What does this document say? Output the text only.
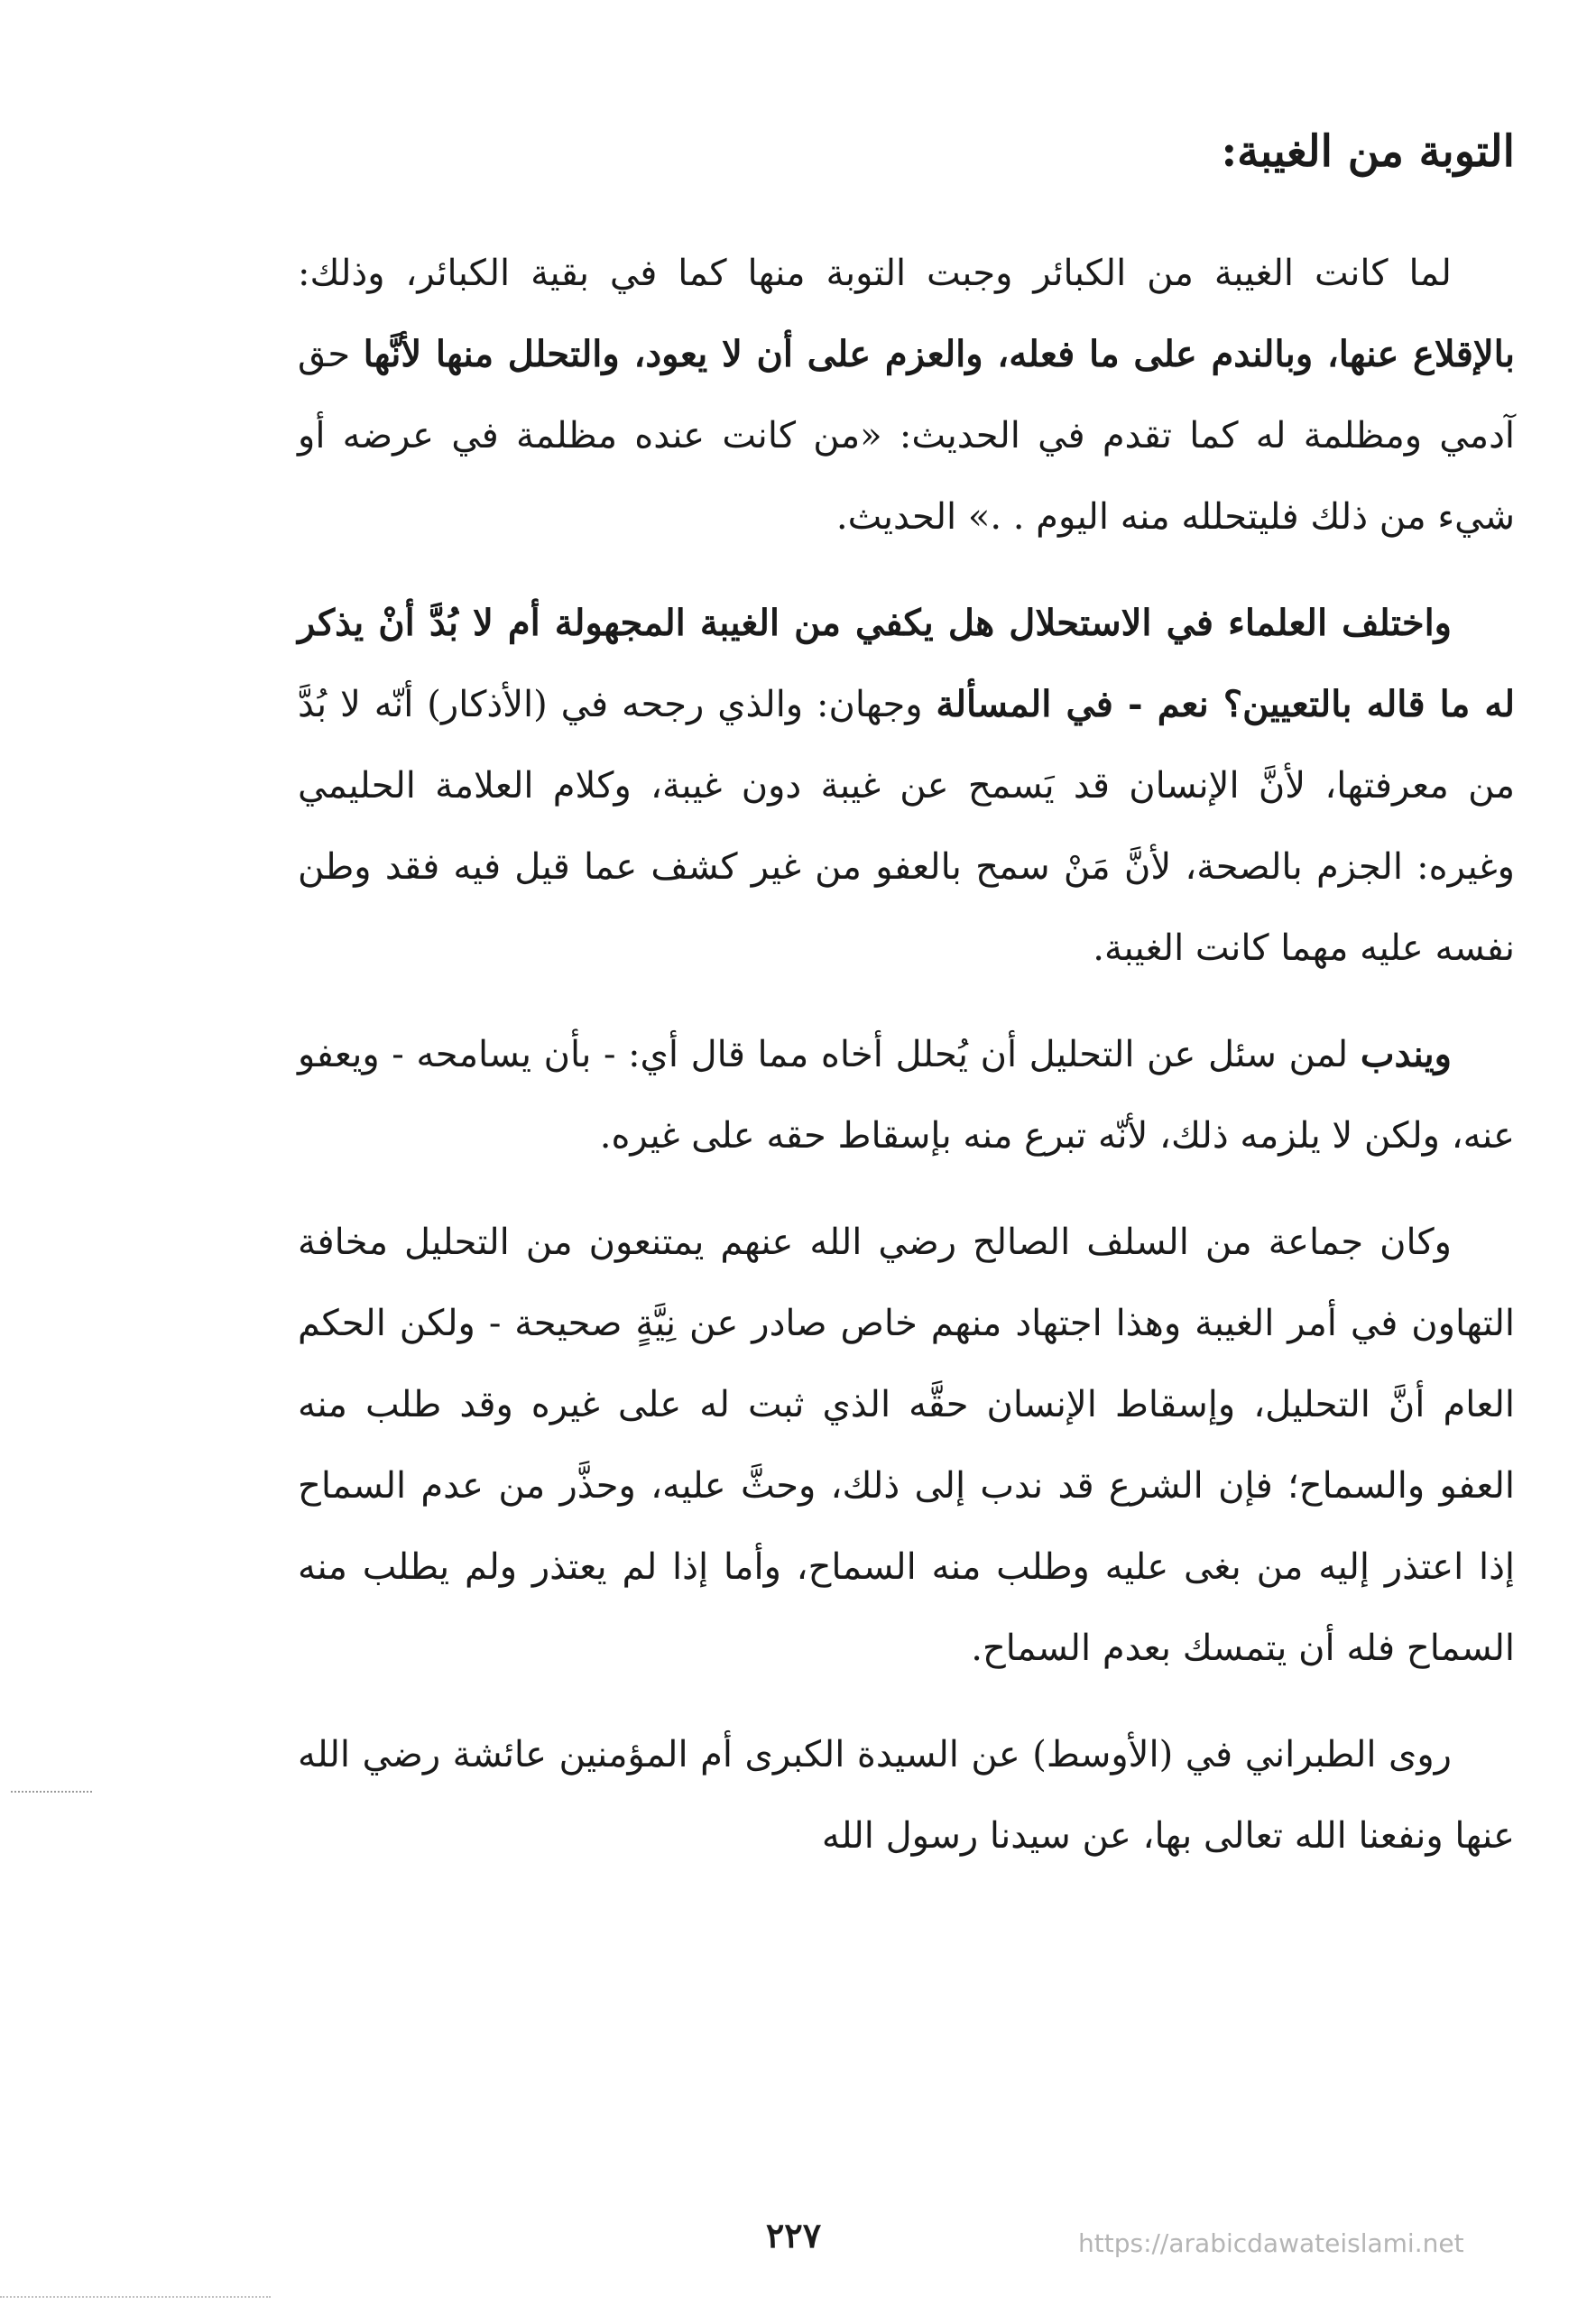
التوبة من الغيبة:

لما كانت الغيبة من الكبائر وجبت التوبة منها كما في بقية الكبائر، وذلك: بالإقلاع عنها، وبالندم على ما فعله، والعزم على أن لا يعود، والتحلل منها لأنَّها حق آدمي ومظلمة له كما تقدم في الحديث: «من كانت عنده مظلمة في عرضه أو شيء من ذلك فليتحلله منه اليوم . .» الحديث.

واختلف العلماء في الاستحلال هل يكفي من الغيبة المجهولة أم لا بُدَّ أنْ يذكر له ما قاله بالتعيين؟ نعم - في المسألة وجهان: والذي رجحه في (الأذكار) أنّه لا بُدَّ من معرفتها، لأنَّ الإنسان قد يَسمح عن غيبة دون غيبة، وكلام العلامة الحليمي وغيره: الجزم بالصحة، لأنَّ مَنْ سمح بالعفو من غير كشف عما قيل فيه فقد وطن نفسه عليه مهما كانت الغيبة.

ويندب لمن سئل عن التحليل أن يُحلل أخاه مما قال أي: - بأن يسامحه - ويعفو عنه، ولكن لا يلزمه ذلك، لأنّه تبرع منه بإسقاط حقه على غيره.

وكان جماعة من السلف الصالح رضي الله عنهم يمتنعون من التحليل مخافة التهاون في أمر الغيبة وهذا اجتهاد منهم خاص صادر عن نِيَّةٍ صحيحة - ولكن الحكم العام أنَّ التحليل، وإسقاط الإنسان حقَّه الذي ثبت له على غيره وقد طلب منه العفو والسماح؛ فإن الشرع قد ندب إلى ذلك، وحثَّ عليه، وحذَّر من عدم السماح إذا اعتذر إليه من بغى عليه وطلب منه السماح، وأما إذا لم يعتذر ولم يطلب منه السماح فله أن يتمسك بعدم السماح.

روى الطبراني في (الأوسط) عن السيدة الكبرى أم المؤمنين عائشة رضي الله عنها ونفعنا الله تعالى بها، عن سيدنا رسول الله

٢٢٧	https://arabicdawateislami.net
